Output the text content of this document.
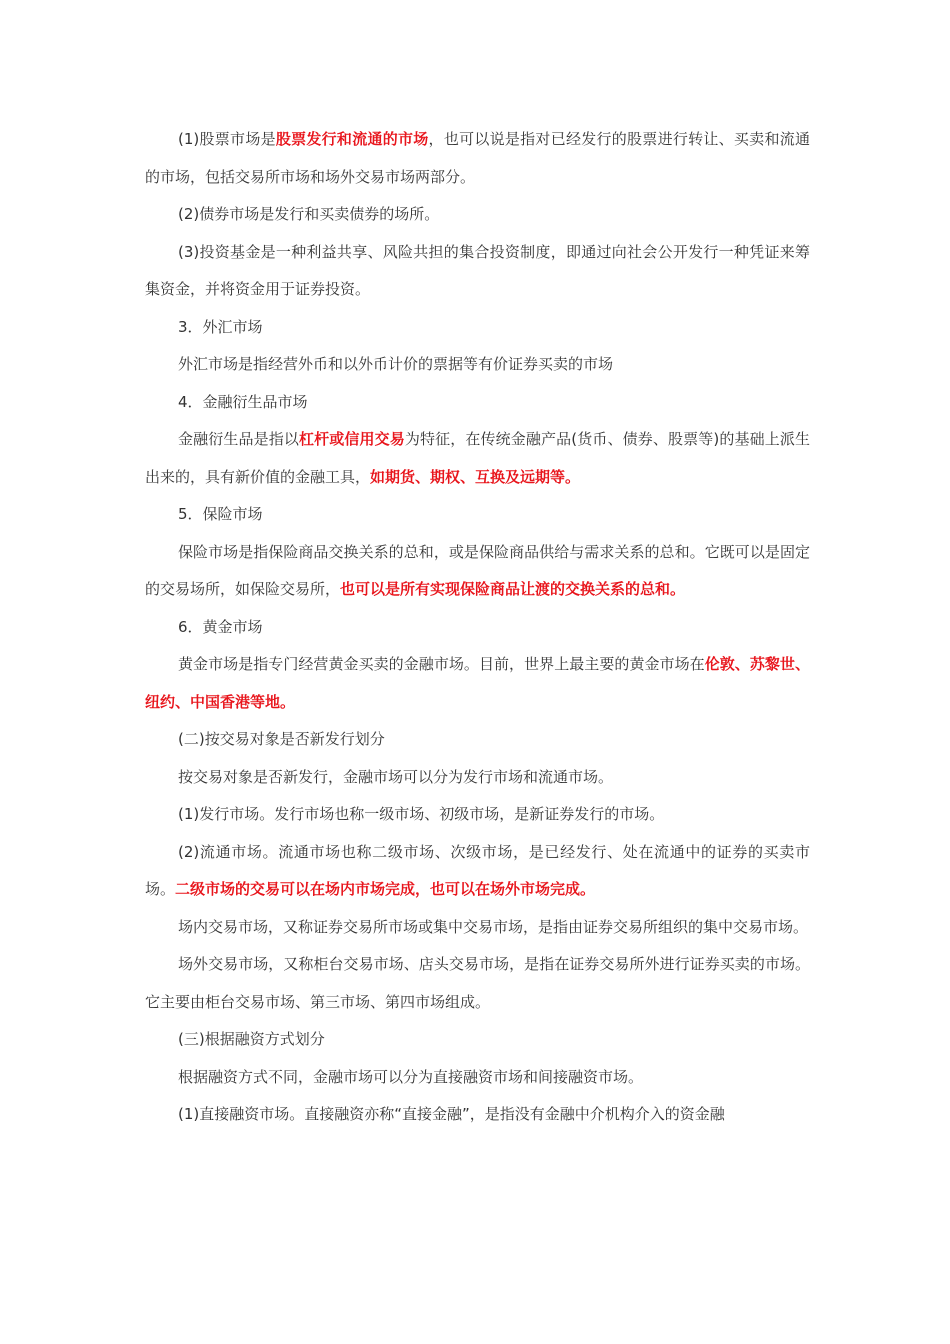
(1)股票市场是股票发行和流通的市场，也可以说是指对已经发行的股票进行转让、买卖和流通的市场，包括交易所市场和场外交易市场两部分。

(2)债券市场是发行和买卖债券的场所。

(3)投资基金是一种利益共享、风险共担的集合投资制度，即通过向社会公开发行一种凭证来筹集资金，并将资金用于证券投资。

3．外汇市场

外汇市场是指经营外币和以外币计价的票据等有价证券买卖的市场

4．金融衍生品市场

金融衍生品是指以杠杆或信用交易为特征，在传统金融产品(货币、债券、股票等)的基础上派生出来的，具有新价值的金融工具，如期货、期权、互换及远期等。

5．保险市场

保险市场是指保险商品交换关系的总和，或是保险商品供给与需求关系的总和。它既可以是固定的交易场所，如保险交易所，也可以是所有实现保险商品让渡的交换关系的总和。

6．黄金市场

黄金市场是指专门经营黄金买卖的金融市场。目前，世界上最主要的黄金市场在伦敦、苏黎世、纽约、中国香港等地。

(二)按交易对象是否新发行划分

按交易对象是否新发行，金融市场可以分为发行市场和流通市场。

(1)发行市场。发行市场也称一级市场、初级市场，是新证券发行的市场。

(2)流通市场。流通市场也称二级市场、次级市场，是已经发行、处在流通中的证券的买卖市场。二级市场的交易可以在场内市场完成，也可以在场外市场完成。

场内交易市场，又称证券交易所市场或集中交易市场，是指由证券交易所组织的集中交易市场。

场外交易市场，又称柜台交易市场、店头交易市场，是指在证券交易所外进行证券买卖的市场。它主要由柜台交易市场、第三市场、第四市场组成。

(三)根据融资方式划分

根据融资方式不同，金融市场可以分为直接融资市场和间接融资市场。

(1)直接融资市场。直接融资亦称“直接金融”，是指没有金融中介机构介入的资金融
